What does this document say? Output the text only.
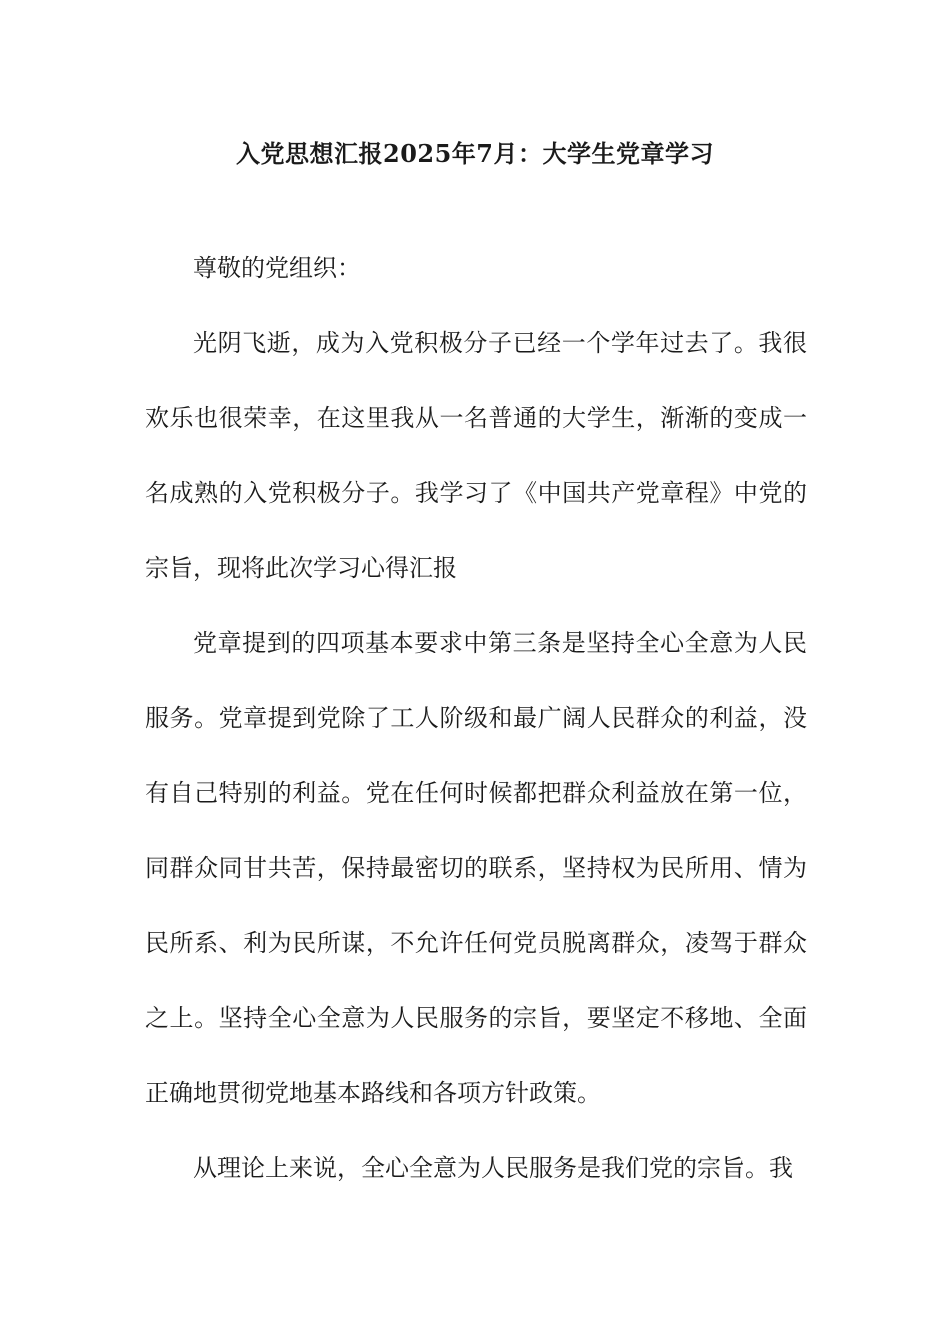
入党思想汇报2025年7月：大学生党章学习

尊敬的党组织：

光阴飞逝，成为入党积极分子已经一个学年过去了。我很欢乐也很荣幸，在这里我从一名普通的大学生，渐渐的变成一名成熟的入党积极分子。我学习了《中国共产党章程》中党的宗旨，现将此次学习心得汇报

党章提到的四项基本要求中第三条是坚持全心全意为人民服务。党章提到党除了工人阶级和最广阔人民群众的利益，没有自己特别的利益。党在任何时候都把群众利益放在第一位，同群众同甘共苦，保持最密切的联系，坚持权为民所用、情为民所系、利为民所谋，不允许任何党员脱离群众，凌驾于群众之上。坚持全心全意为人民服务的宗旨，要坚定不移地、全面正确地贯彻党地基本路线和各项方针政策。

从理论上来说，全心全意为人民服务是我们党的宗旨。我
